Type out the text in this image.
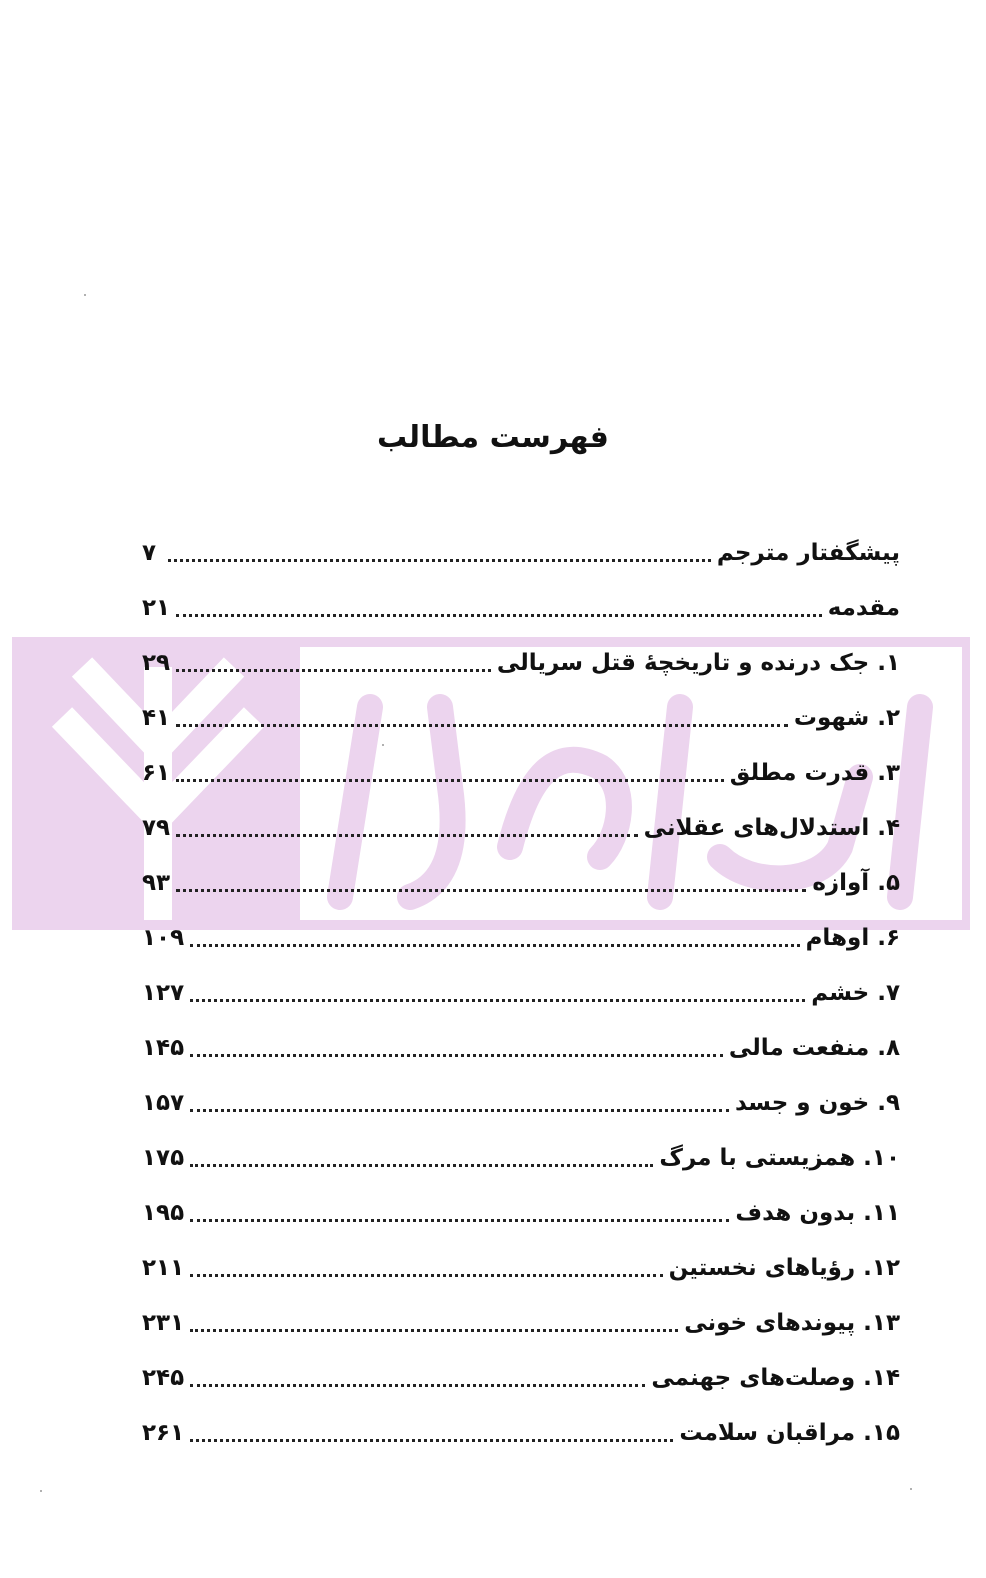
فهرست مطالب
پیشگفتار مترجم
۷
مقدمه
۲۱
۱. جک درنده و تاریخچهٔ قتل سریالی
۲۹
۲. شهوت
۴۱
۳. قدرت مطلق
۶۱
۴. استدلال‌های عقلانی
۷۹
۵. آوازه
۹۳
۶. اوهام
۱۰۹
۷. خشم
۱۲۷
۸. منفعت مالی
۱۴۵
۹. خون و جسد
۱۵۷
۱۰. همزیستی با مرگ
۱۷۵
۱۱. بدون هدف
۱۹۵
۱۲. رؤیاهای نخستین
۲۱۱
۱۳. پیوندهای خونی
۲۳۱
۱۴. وصلت‌های جهنمی
۲۴۵
۱۵. مراقبان سلامت
۲۶۱
